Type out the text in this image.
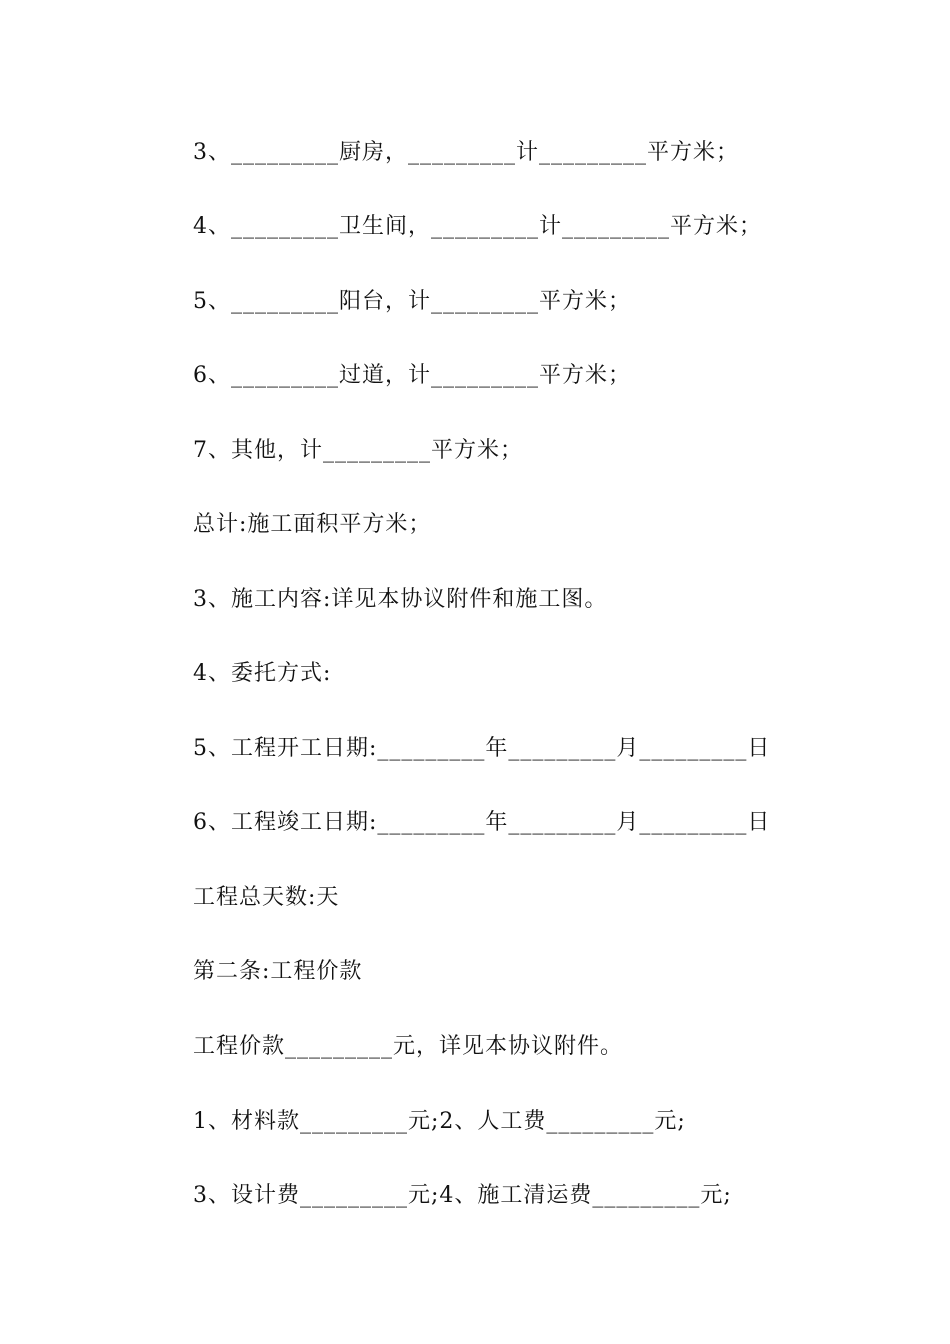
3、_________厨房，_________计_________平方米；
4、_________卫生间，_________计_________平方米；
5、_________阳台，计_________平方米；
6、_________过道，计_________平方米；
7、其他，计_________平方米；
总计:施工面积平方米；
3、施工内容:详见本协议附件和施工图。
4、委托方式:
5、工程开工日期:_________年_________月_________日
6、工程竣工日期:_________年_________月_________日
工程总天数:天
第二条:工程价款
工程价款_________元，详见本协议附件。
1、材料款_________元;2、人工费_________元;
3、设计费_________元;4、施工清运费_________元;
